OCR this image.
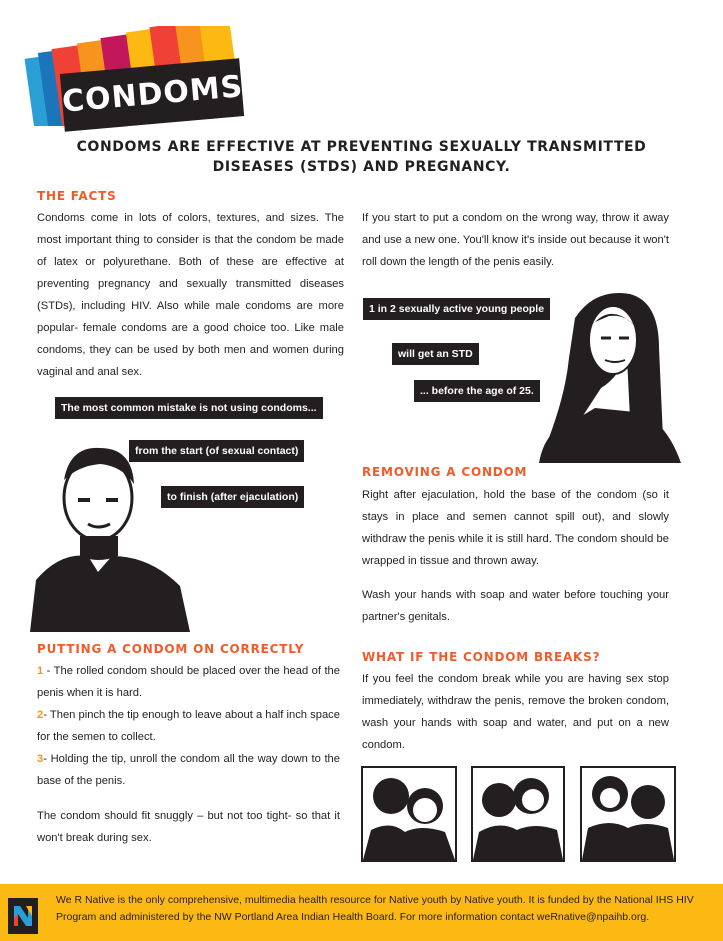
CONDOMS
CONDOMS ARE EFFECTIVE AT PREVENTING SEXUALLY TRANSMITTED
DISEASES (STDS) AND PREGNANCY.
THE FACTS
Condoms come in lots of colors, textures, and sizes. The most important thing to consider is that the condom be made of latex or polyurethane. Both of these are effective at preventing pregnancy and sexually transmitted diseases (STDs), including HIV. Also while male condoms are more popular- female condoms are a good choice too. Like male condoms, they can be used by both men and women during vaginal and anal sex.
The most common mistake is not using condoms...
from the start (of sexual contact)
to finish (after ejaculation)
PUTTING A CONDOM ON CORRECTLY
1 - The rolled condom should be placed over the head of the penis when it is hard.
2- Then pinch the tip enough to leave about a half inch space for the semen to collect.
3- Holding the tip, unroll the condom all the way down to the base of the penis.
The condom should fit snuggly – but not too tight- so that it won't break during sex.
If you start to put a condom on the wrong way, throw it away and use a new one. You'll know it's inside out because it won't roll down the length of the penis easily.
1 in 2 sexually active young people
will get an STD
... before the age of 25.
REMOVING A CONDOM
Right after ejaculation, hold the base of the condom (so it stays in place and semen cannot spill out), and slowly withdraw the penis while it is still hard. The condom should be wrapped in tissue and thrown away.
Wash your hands with soap and water before touching your partner's genitals.
WHAT IF THE CONDOM BREAKS?
If you feel the condom break while you are having sex stop immediately, withdraw the penis, remove the broken condom, wash your hands with soap and water, and put on a new condom.
We R Native is the only comprehensive, multimedia health resource for Native youth by Native youth. It is funded by the National IHS HIV Program and administered by the NW Portland Area Indian Health Board. For more information contact weRnative@npaihb.org.
